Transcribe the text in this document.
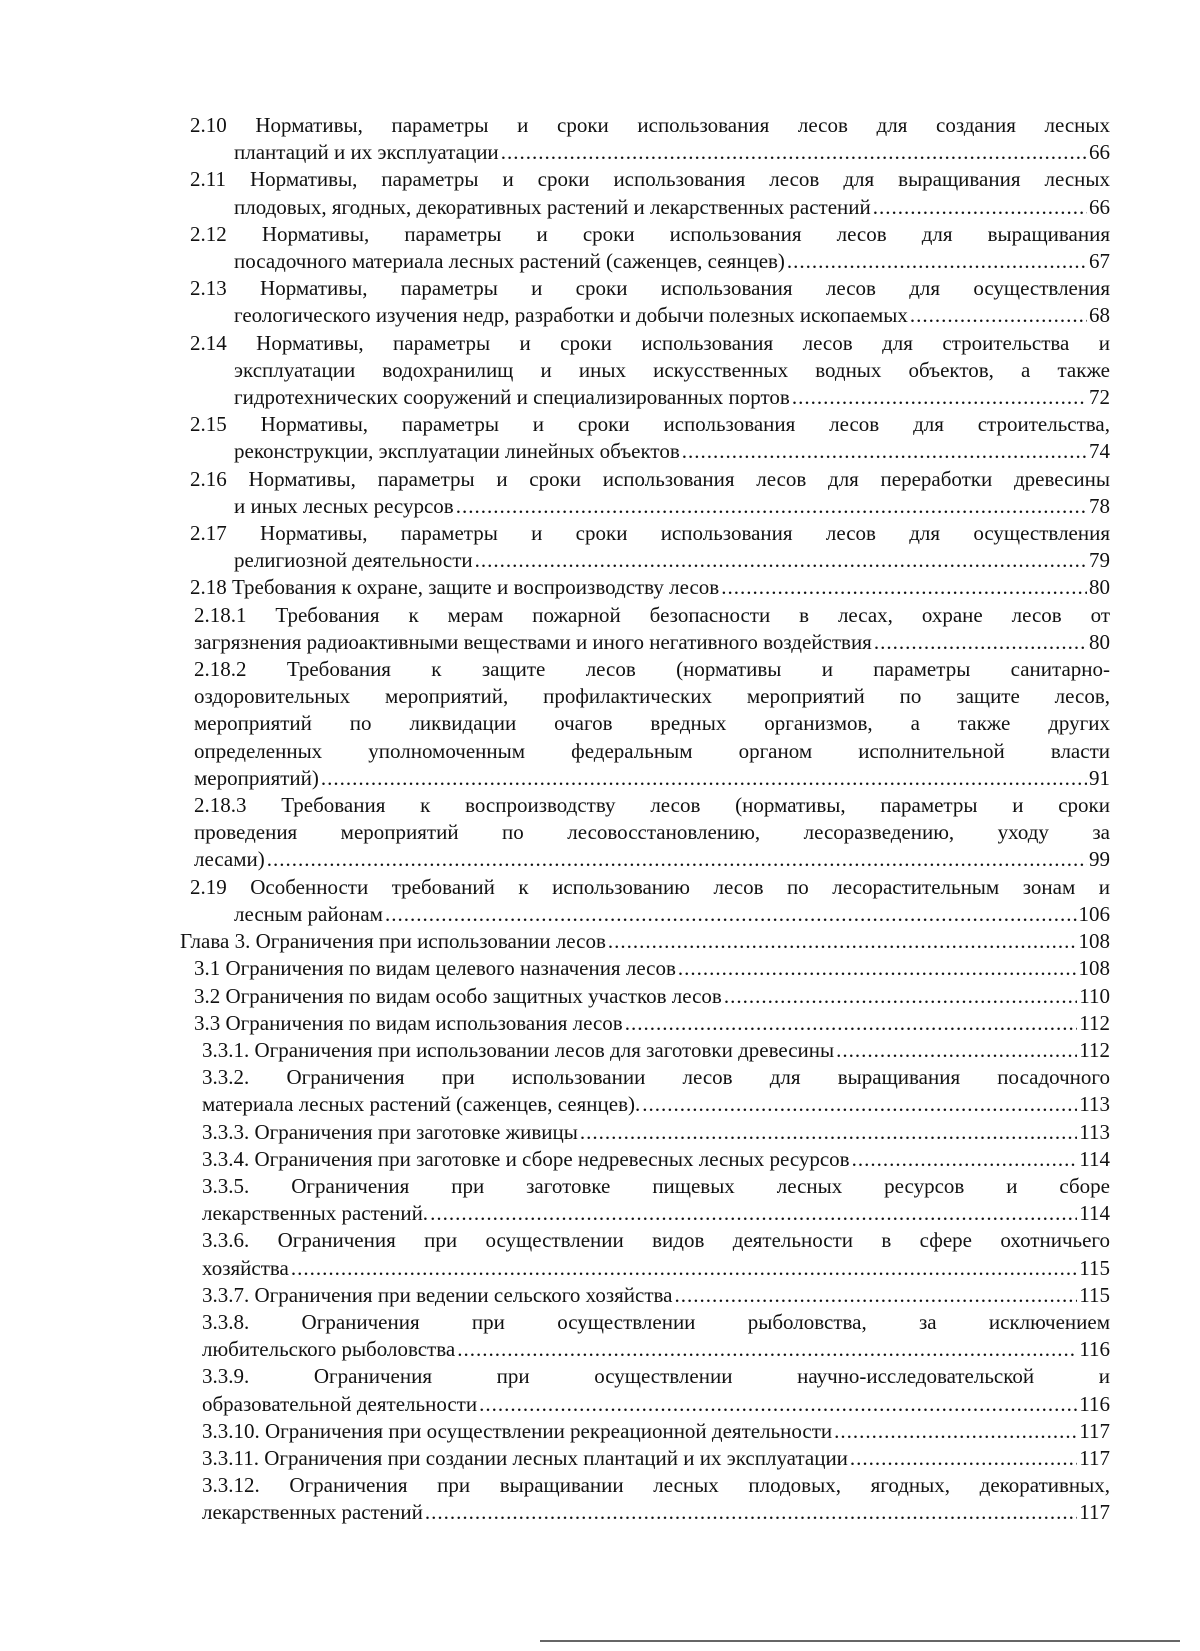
2.10 Нормативы, параметры и сроки использования лесов для создания лесных
плантаций и их эксплуатации .....	66
2.11 Нормативы, параметры и сроки использования лесов для выращивания лесных
плодовых, ягодных, декоративных растений и лекарственных растений .....	66
2.12 Нормативы, параметры и сроки использования лесов для выращивания
посадочного материала лесных растений (саженцев, сеянцев) .....	67
2.13 Нормативы, параметры и сроки использования лесов для осуществления
геологического изучения недр, разработки и добычи полезных ископаемых .....	68
2.14 Нормативы, параметры и сроки использования лесов для строительства и
эксплуатации водохранилищ и иных искусственных водных объектов, а также
гидротехнических сооружений и специализированных портов .....	72
2.15 Нормативы, параметры и сроки использования лесов для строительства,
реконструкции, эксплуатации линейных объектов .....	74
2.16 Нормативы, параметры и сроки использования лесов для переработки древесины
и иных лесных ресурсов .....	78
2.17 Нормативы, параметры и сроки использования лесов для осуществления
религиозной деятельности .....	79
2.18 Требования к охране, защите и воспроизводству лесов .....	80
2.18.1 Требования к мерам пожарной безопасности в лесах, охране лесов от
загрязнения радиоактивными веществами и иного негативного воздействия .....	80
2.18.2 Требования к защите лесов (нормативы и параметры санитарно-
оздоровительных мероприятий, профилактических мероприятий по защите лесов,
мероприятий по ликвидации очагов вредных организмов, а также других
определенных уполномоченным федеральным органом исполнительной власти
мероприятий) .....	91
2.18.3 Требования к воспроизводству лесов (нормативы, параметры и сроки
проведения мероприятий по лесовосстановлению, лесоразведению, уходу за
лесами) .....	99
2.19 Особенности требований к использованию лесов по лесорастительным зонам и
лесным районам .....	106
Глава 3. Ограничения при использовании лесов .....	108
3.1 Ограничения по видам целевого назначения лесов .....	108
3.2 Ограничения по видам особо защитных участков лесов .....	110
3.3 Ограничения по видам использования лесов .....	112
3.3.1. Ограничения при использовании лесов для заготовки древесины .....	112
3.3.2. Ограничения при использовании лесов для выращивания посадочного
материала лесных растений (саженцев, сеянцев). .....	113
3.3.3. Ограничения при заготовке живицы .....	113
3.3.4. Ограничения при заготовке и сборе недревесных лесных ресурсов .....	114
3.3.5. Ограничения при заготовке пищевых лесных ресурсов и сборе
лекарственных растений. .....	114
3.3.6. Ограничения при осуществлении видов деятельности в сфере охотничьего
хозяйства .....	115
3.3.7. Ограничения при ведении сельского хозяйства .....	115
3.3.8. Ограничения при осуществлении рыболовства, за исключением
любительского рыболовства .....	116
3.3.9. Ограничения при осуществлении научно-исследовательской и
образовательной деятельности .....	116
3.3.10. Ограничения при осуществлении рекреационной деятельности .....	117
3.3.11. Ограничения при создании лесных плантаций и их эксплуатации .....	117
3.3.12. Ограничения при выращивании лесных плодовых, ягодных, декоративных,
лекарственных растений .....	117
